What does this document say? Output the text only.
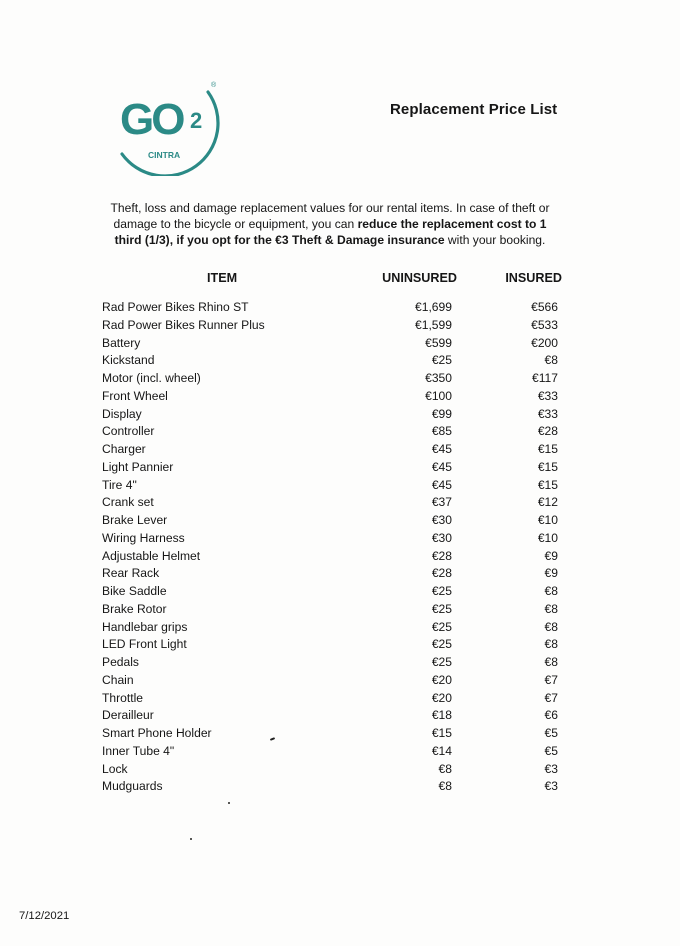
GO 2
CINTRA
®
Replacement Price List
Theft, loss and damage replacement values for our rental items. In case of theft or damage to the bicycle or equipment, you can reduce the replacement cost to 1 third (1/3), if you opt for the €3 Theft & Damage insurance with your booking.
ITEM	UNINSURED	INSURED
Rad Power Bikes Rhino ST	€1,699	€566
Rad Power Bikes Runner Plus	€1,599	€533
Battery	€599	€200
Kickstand	€25	€8
Motor (incl. wheel)	€350	€117
Front Wheel	€100	€33
Display	€99	€33
Controller	€85	€28
Charger	€45	€15
Light Pannier	€45	€15
Tire 4"	€45	€15
Crank set	€37	€12
Brake Lever	€30	€10
Wiring Harness	€30	€10
Adjustable Helmet	€28	€9
Rear Rack	€28	€9
Bike Saddle	€25	€8
Brake Rotor	€25	€8
Handlebar grips	€25	€8
LED Front Light	€25	€8
Pedals	€25	€8
Chain	€20	€7
Throttle	€20	€7
Derailleur	€18	€6
Smart Phone Holder	€15	€5
Inner Tube 4"	€14	€5
Lock	€8	€3
Mudguards	€8	€3
7/12/2021
